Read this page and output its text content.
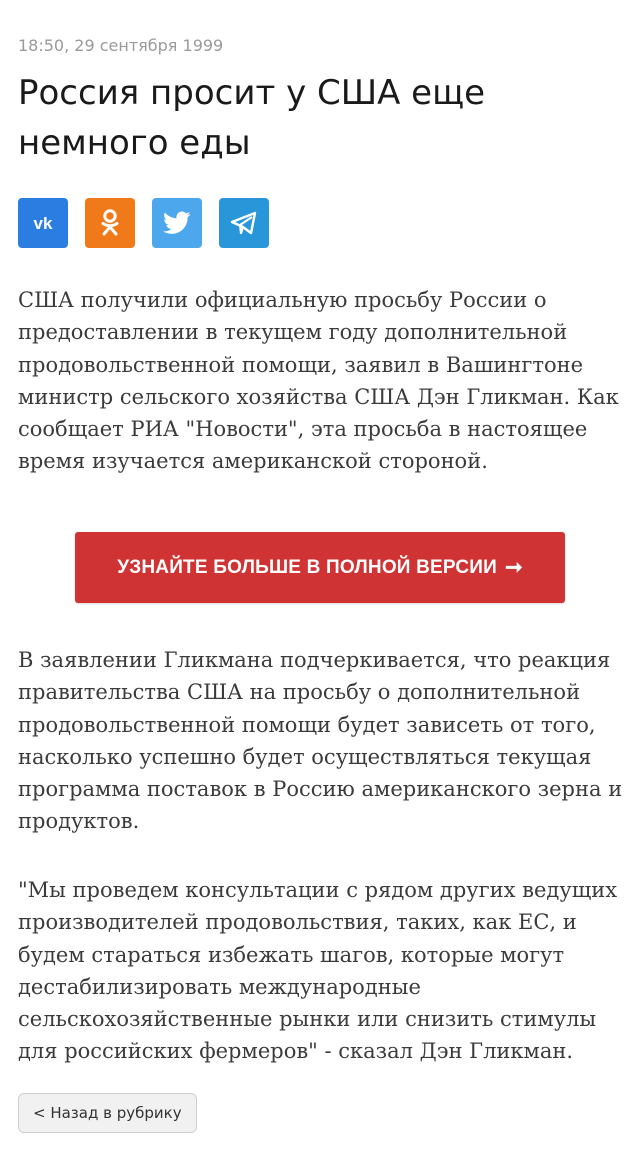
18:50, 29 сентября 1999
Россия просит у США еще немного еды
vk

США получили официальную просьбу России о предоставлении в текущем году дополнительной продовольственной помощи, заявил в Вашингтоне министр сельского хозяйства США Дэн Гликман. Как сообщает РИА "Новости", эта просьба в настоящее время изучается американской стороной.

УЗНАЙТЕ БОЛЬШЕ В ПОЛНОЙ ВЕРСИИ ➞

В заявлении Гликмана подчеркивается, что реакция правительства США на просьбу о дополнительной продовольственной помощи будет зависеть от того, насколько успешно будет осуществляться текущая программа поставок в Россию американского зерна и продуктов.

"Мы проведем консультации с рядом других ведущих производителей продовольствия, таких, как ЕС, и будем стараться избежать шагов, которые могут дестабилизировать международные сельскохозяйственные рынки или снизить стимулы для российских фермеров" - сказал Дэн Гликман.

< Назад в рубрику
